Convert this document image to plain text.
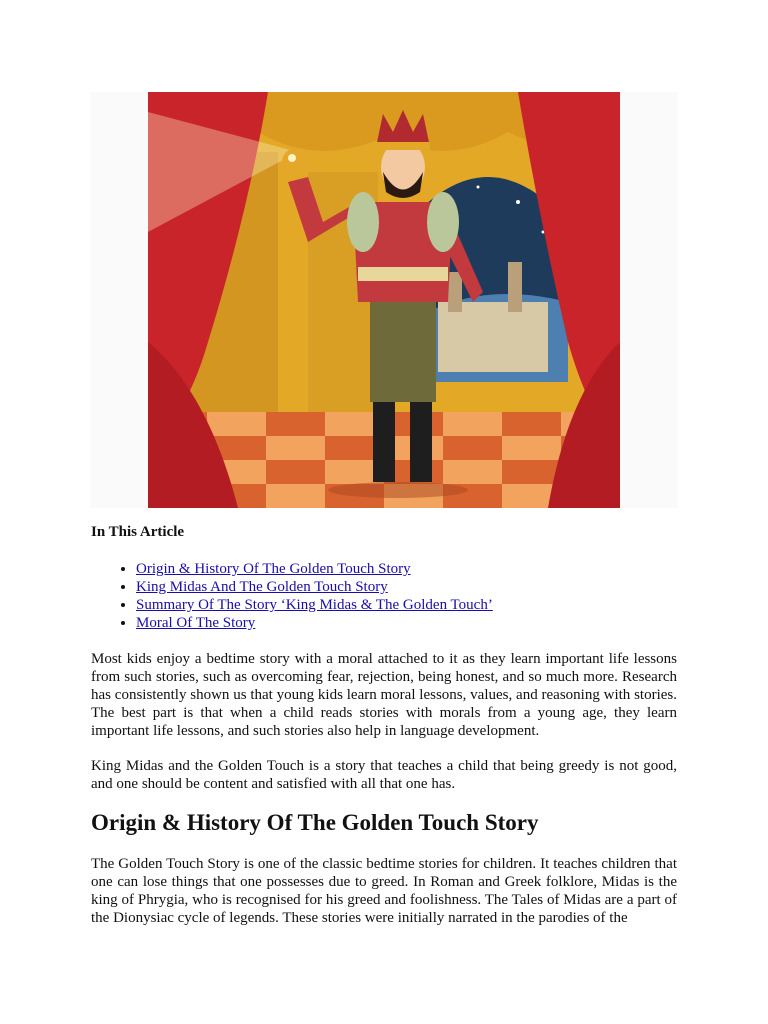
In This Article
• Origin & History Of The Golden Touch Story
• King Midas And The Golden Touch Story
• Summary Of The Story ‘King Midas & The Golden Touch’
• Moral Of The Story

Most kids enjoy a bedtime story with a moral attached to it as they learn important life lessons from such stories, such as overcoming fear, rejection, being honest, and so much more. Research has consistently shown us that young kids learn moral lessons, values, and reasoning with stories. The best part is that when a child reads stories with morals from a young age, they learn important life lessons, and such stories also help in language development.

King Midas and the Golden Touch is a story that teaches a child that being greedy is not good, and one should be content and satisfied with all that one has.

Origin & History Of The Golden Touch Story

The Golden Touch Story is one of the classic bedtime stories for children. It teaches children that one can lose things that one possesses due to greed. In Roman and Greek folklore, Midas is the king of Phrygia, who is recognised for his greed and foolishness. The Tales of Midas are a part of the Dionysiac cycle of legends. These stories were initially narrated in the parodies of the
